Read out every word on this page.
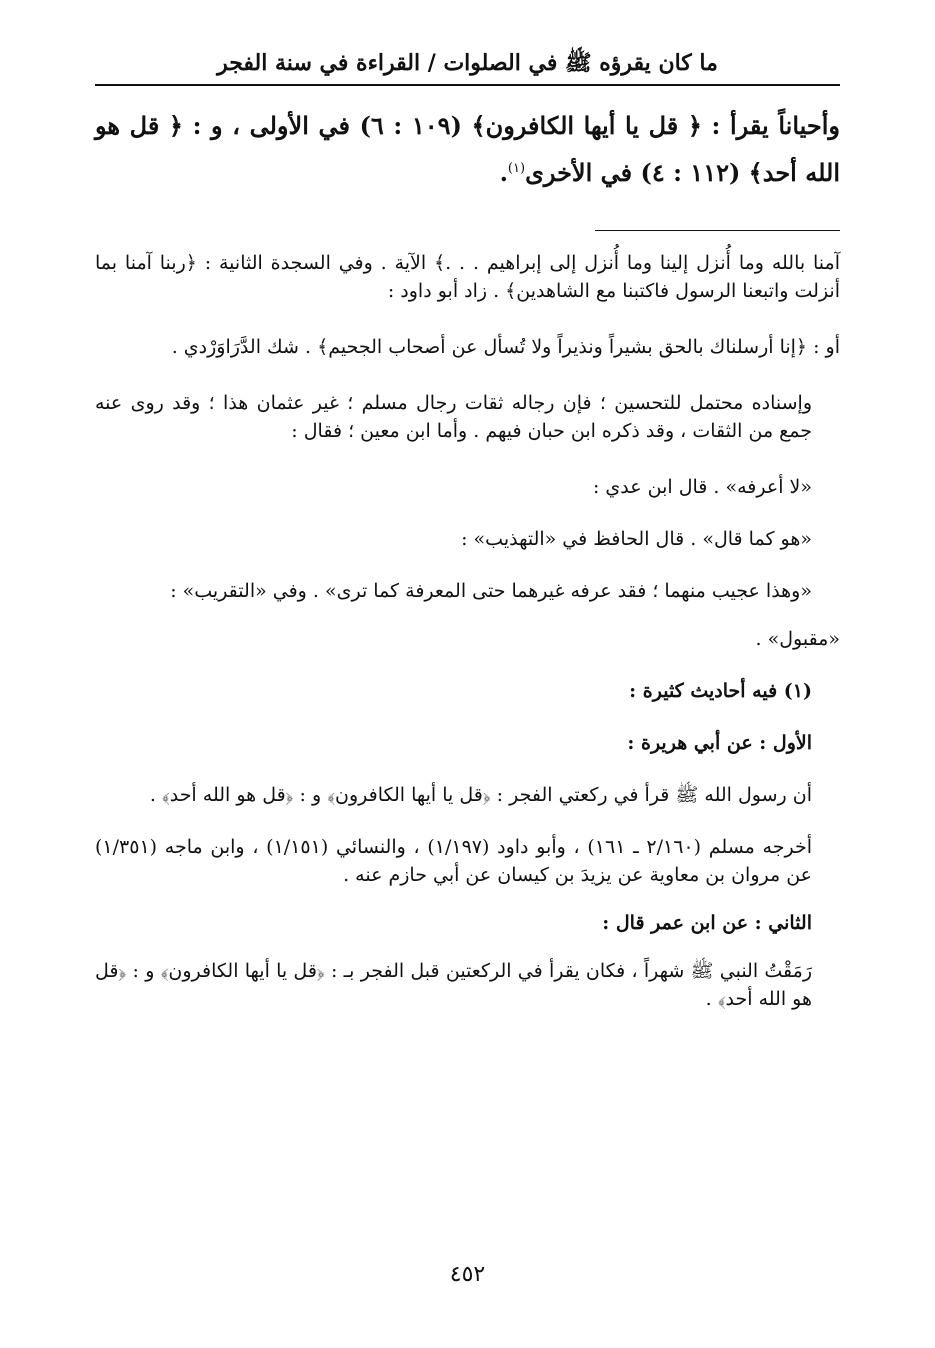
ما كان يقرؤه ﷺ في الصلوات / القراءة في سنة الفجر
وأحياناً يقرأ : ﴿ قل يا أيها الكافرون﴾ (١٠٩ : ٦) في الأولى ، و : ﴿ قل هو الله أحد﴾ (١١٢ : ٤) في الأخرى$^{(١)}$.

آمنا بالله وما أُنزل إلينا وما أُنزل إلى إبراهيم . . .﴾ الآية . وفي السجدة الثانية : ﴿ربنا آمنا بما أنزلت واتبعنا الرسول فاكتبنا مع الشاهدين﴾ . زاد أبو داود :

أو : ﴿إنا أرسلناك بالحق بشيراً ونذيراً ولا تُسأل عن أصحاب الجحيم﴾ . شك الدَّرَاوَرْدي .

وإسناده محتمل للتحسين ؛ فإن رجاله ثقات رجال مسلم ؛ غير عثمان هذا ؛ وقد روى عنه جمع من الثقات ، وقد ذكره ابن حبان فيهم . وأما ابن معين ؛ فقال :

«لا أعرفه» . قال ابن عدي :

«هو كما قال» . قال الحافظ في «التهذيب» :

«وهذا عجيب منهما ؛ فقد عرفه غيرهما حتى المعرفة كما ترى» . وفي «التقريب» :

«مقبول» .

(١) فيه أحاديث كثيرة :

الأول : عن أبي هريرة :

أن رسول الله ﷺ قرأ في ركعتي الفجر : ﴿قل يا أيها الكافرون﴾ و : ﴿قل هو الله أحد﴾ .

أخرجه مسلم (٢/١٦٠ ـ ١٦١) ، وأبو داود (١/١٩٧) ، والنسائي (١/١٥١) ، وابن ماجه (١/٣٥١) عن مروان بن معاوية عن يزيدَ بن كيسان عن أبي حازم عنه .

الثاني : عن ابن عمر قال :

رَمَقْتُ النبي ﷺ شهراً ، فكان يقرأ في الركعتين قبل الفجر بـ : ﴿قل يا أيها الكافرون﴾ و : ﴿قل هو الله أحد﴾ .

٤٥٢
